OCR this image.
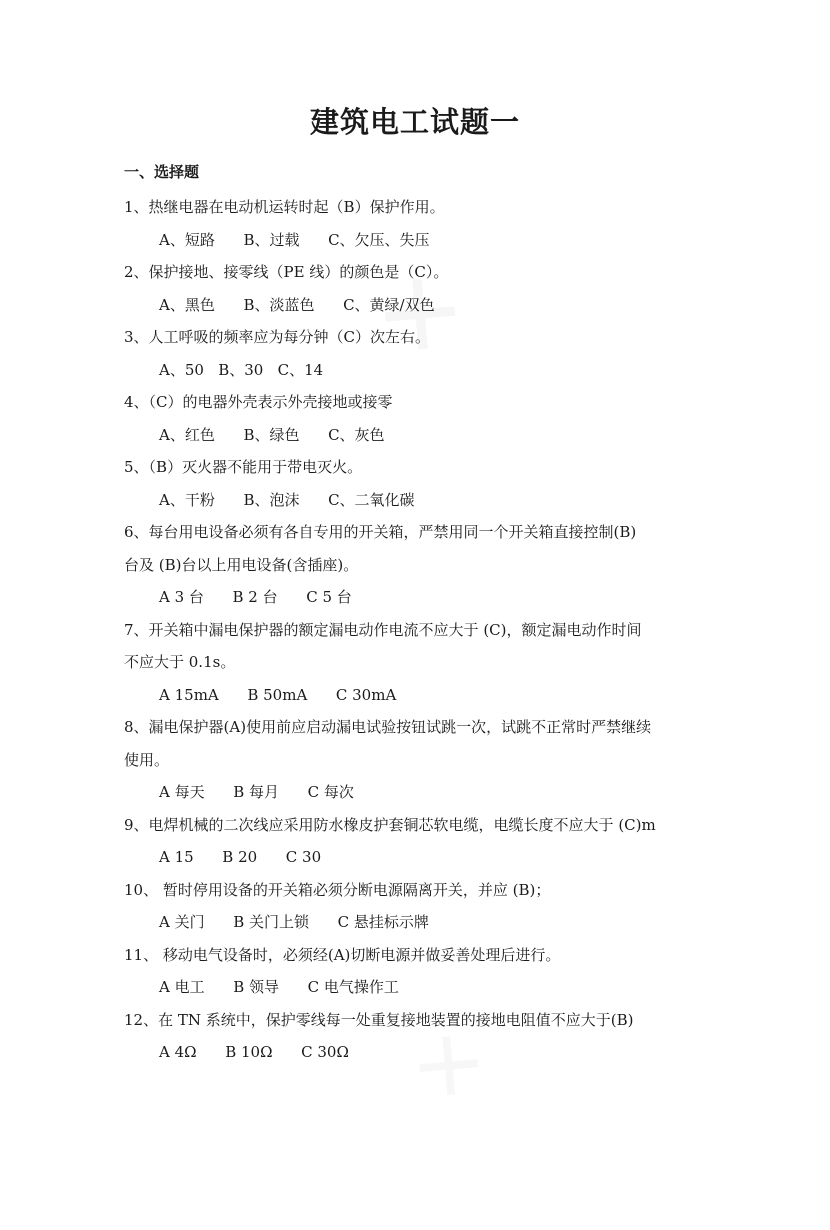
建筑电工试题一
一、选择题
1、热继电器在电动机运转时起（B）保护作用。
A、短路      B、过载      C、欠压、失压
2、保护接地、接零线（PE 线）的颜色是（C）。
A、黑色      B、淡蓝色      C、黄绿/双色
3、人工呼吸的频率应为每分钟（C）次左右。
A、50   B、30   C、14
4、（C）的电器外壳表示外壳接地或接零
A、红色      B、绿色      C、灰色
5、（B）灭火器不能用于带电灭火。
A、干粉      B、泡沫      C、二氧化碳
6、每台用电设备必须有各自专用的开关箱，严禁用同一个开关箱直接控制(B)
台及 (B)台以上用电设备(含插座)。
A 3 台      B 2 台      C 5 台
7、开关箱中漏电保护器的额定漏电动作电流不应大于 (C)，额定漏电动作时间
不应大于 0.1s。
A 15mA      B 50mA      C 30mA
8、漏电保护器(A)使用前应启动漏电试验按钮试跳一次，试跳不正常时严禁继续
使用。
A 每天      B 每月      C 每次
9、电焊机械的二次线应采用防水橡皮护套铜芯软电缆，电缆长度不应大于 (C)m
A 15      B 20      C 30
10、 暂时停用设备的开关箱必须分断电源隔离开关，并应 (B)；
A 关门      B 关门上锁      C 悬挂标示牌
11、 移动电气设备时，必须经(A)切断电源并做妥善处理后进行。
A 电工      B 领导      C 电气操作工
12、在 TN 系统中，保护零线每一处重复接地装置的接地电阻值不应大于(B)
A 4Ω      B 10Ω      C 30Ω
